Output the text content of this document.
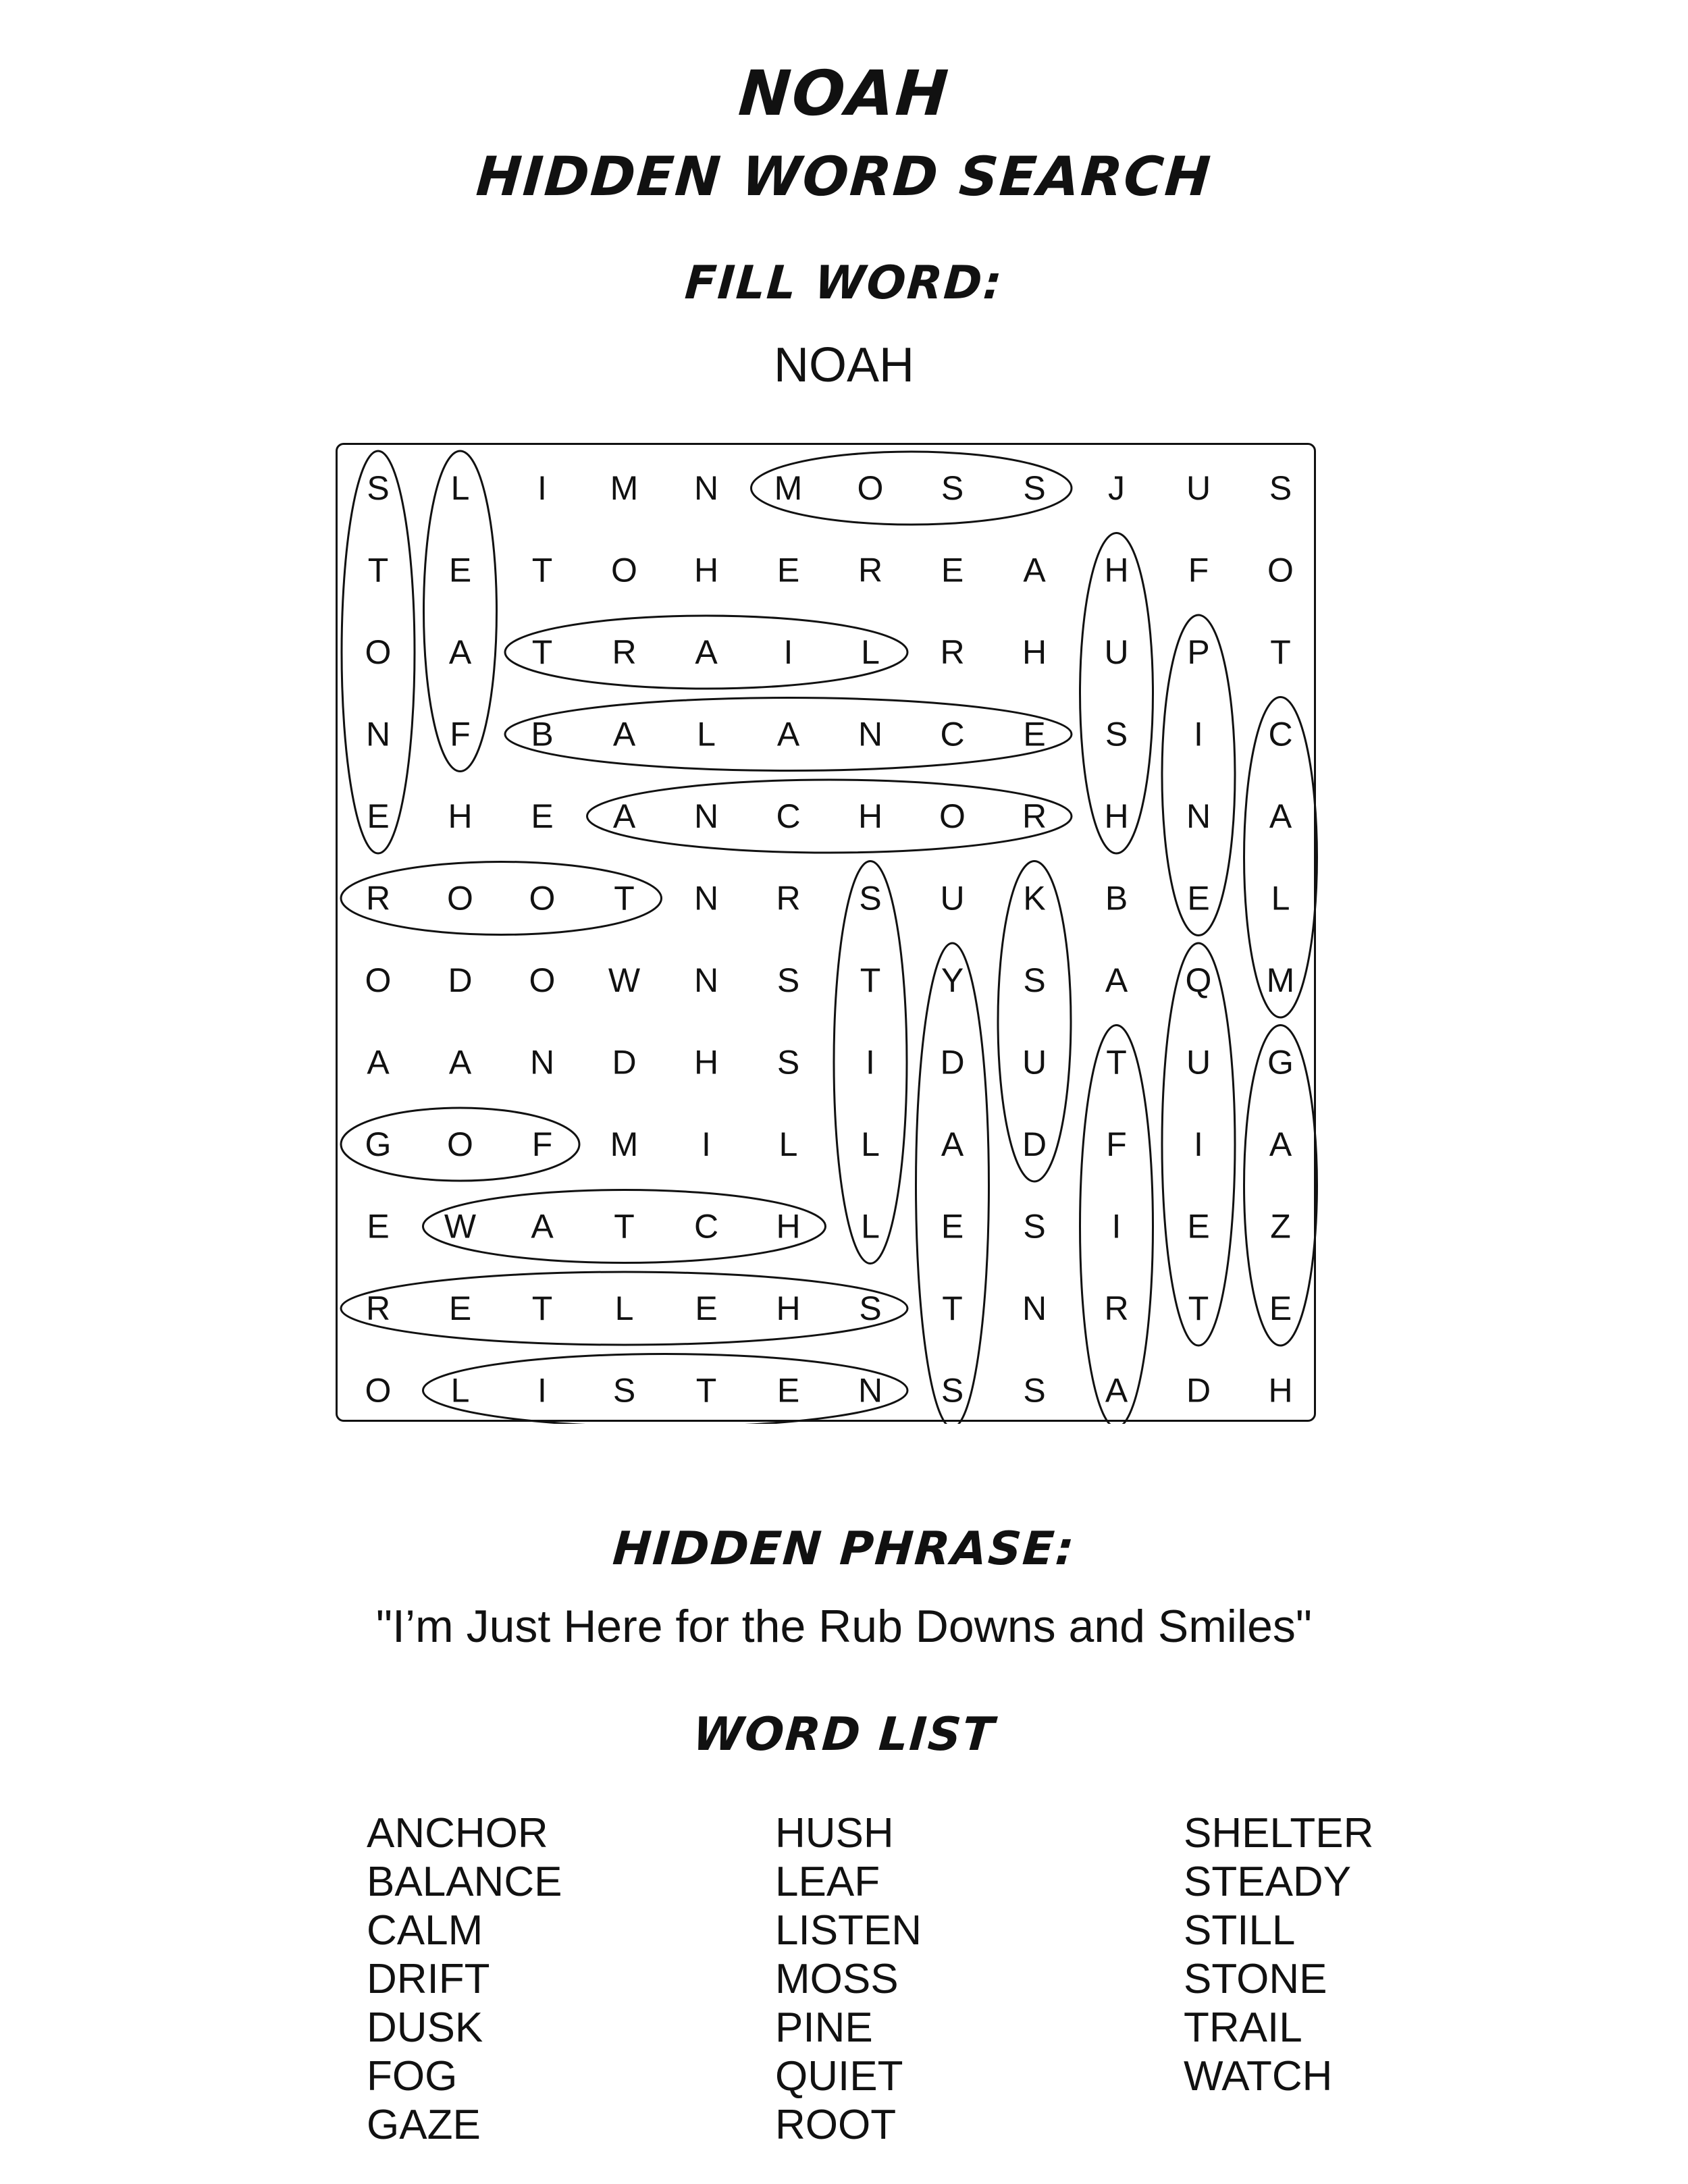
NOAH
HIDDEN WORD SEARCH
FILL WORD:
NOAH
S L I M N M O S S J U S
T E T O H E R E A H F O
O A T R A I L R H U P T
N F B A L A N C E S I C
E H E A N C H O R H N A
R O O T N R S U K B E L
O D O W N S T Y S A Q M
A A N D H S I D U T U G
G O F M I L L A D F I A
E W A T C H L E S I E Z
R E T L E H S T N R T E
O L I S T E N S S A D H
HIDDEN PHRASE:
"I’m Just Here for the Rub Downs and Smiles"
WORD LIST
ANCHOR
BALANCE
CALM
DRIFT
DUSK
FOG
GAZE
HUSH
LEAF
LISTEN
MOSS
PINE
QUIET
ROOT
SHELTER
STEADY
STILL
STONE
TRAIL
WATCH
